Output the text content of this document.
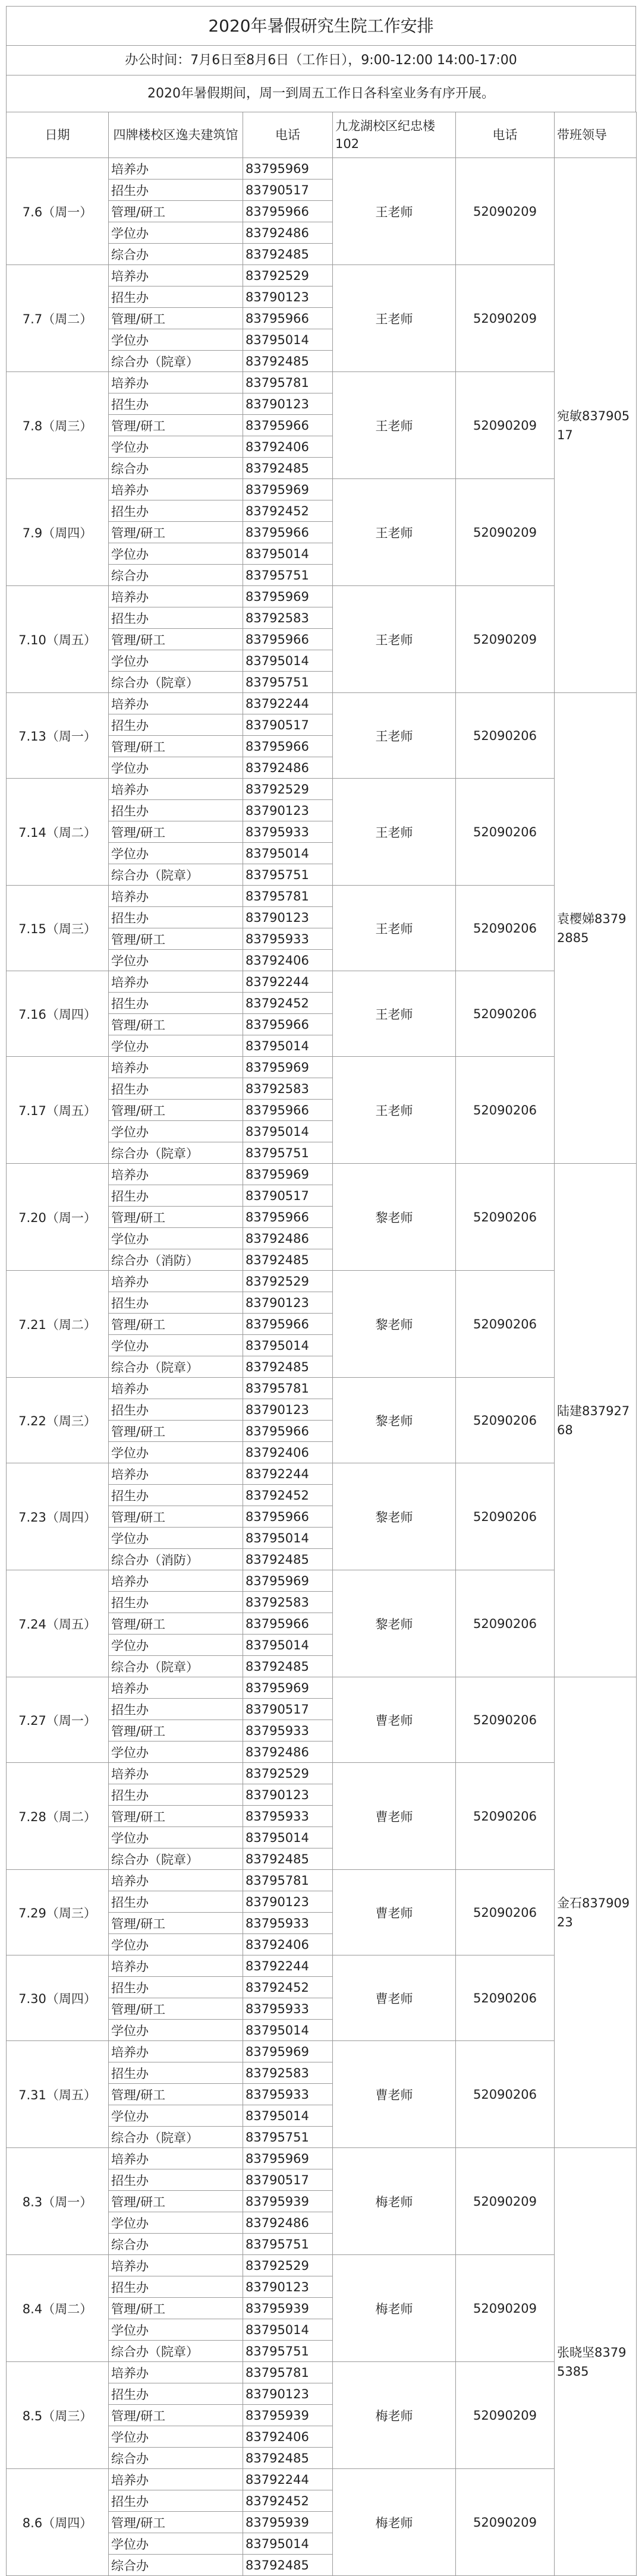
2020年暑假研究生院工作安排
办公时间：7月6日至8月6日（工作日），9:00-12:00 14:00-17:00
2020年暑假期间，周一到周五工作日各科室业务有序开展。
日期	四牌楼校区逸夫建筑馆	电话	九龙湖校区纪忠楼 102	电话	带班领导
7.6（周一）	培养办	83795969	王老师	52090209	宛敏83790517
	招生办	83790517			
	管理/研工	83795966			
	学位办	83792486			
	综合办	83792485			
7.7（周二）	培养办	83792529	王老师	52090209	
	招生办	83790123			
	管理/研工	83795966			
	学位办	83795014			
	综合办（院章）	83792485			
7.8（周三）	培养办	83795781	王老师	52090209	
	招生办	83790123			
	管理/研工	83795966			
	学位办	83792406			
	综合办	83792485			
7.9（周四）	培养办	83795969	王老师	52090209	
	招生办	83792452			
	管理/研工	83795966			
	学位办	83795014			
	综合办	83795751			
7.10（周五）	培养办	83795969	王老师	52090209	
	招生办	83792583			
	管理/研工	83795966			
	学位办	83795014			
	综合办（院章）	83795751			
7.13（周一）	培养办	83792244	王老师	52090206	袁樱娣83792885
	招生办	83790517			
	管理/研工	83795966			
	学位办	83792486			
7.14（周二）	培养办	83792529	王老师	52090206	
	招生办	83790123			
	管理/研工	83795933			
	学位办	83795014			
	综合办（院章）	83795751			
7.15（周三）	培养办	83795781	王老师	52090206	
	招生办	83790123			
	管理/研工	83795933			
	学位办	83792406			
7.16（周四）	培养办	83792244	王老师	52090206	
	招生办	83792452			
	管理/研工	83795966			
	学位办	83795014			
7.17（周五）	培养办	83795969	王老师	52090206	
	招生办	83792583			
	管理/研工	83795966			
	学位办	83795014			
	综合办（院章）	83795751			
7.20（周一）	培养办	83795969	黎老师	52090206	陆建83792768
	招生办	83790517			
	管理/研工	83795966			
	学位办	83792486			
	综合办（消防）	83792485			
7.21（周二）	培养办	83792529	黎老师	52090206	
	招生办	83790123			
	管理/研工	83795966			
	学位办	83795014			
	综合办（院章）	83792485			
7.22（周三）	培养办	83795781	黎老师	52090206	
	招生办	83790123			
	管理/研工	83795966			
	学位办	83792406			
7.23（周四）	培养办	83792244	黎老师	52090206	
	招生办	83792452			
	管理/研工	83795966			
	学位办	83795014			
	综合办（消防）	83792485			
7.24（周五）	培养办	83795969	黎老师	52090206	
	招生办	83792583			
	管理/研工	83795966			
	学位办	83795014			
	综合办（院章）	83792485			
7.27（周一）	培养办	83795969	曹老师	52090206	金石83790923
	招生办	83790517			
	管理/研工	83795933			
	学位办	83792486			
7.28（周二）	培养办	83792529	曹老师	52090206	
	招生办	83790123			
	管理/研工	83795933			
	学位办	83795014			
	综合办（院章）	83792485			
7.29（周三）	培养办	83795781	曹老师	52090206	
	招生办	83790123			
	管理/研工	83795933			
	学位办	83792406			
7.30（周四）	培养办	83792244	曹老师	52090206	
	招生办	83792452			
	管理/研工	83795933			
	学位办	83795014			
7.31（周五）	培养办	83795969	曹老师	52090206	
	招生办	83792583			
	管理/研工	83795933			
	学位办	83795014			
	综合办（院章）	83795751			
8.3（周一）	培养办	83795969	梅老师	52090209	张晓坚83795385
	招生办	83790517			
	管理/研工	83795939			
	学位办	83792486			
	综合办	83795751			
8.4（周二）	培养办	83792529	梅老师	52090209	
	招生办	83790123			
	管理/研工	83795939			
	学位办	83795014			
	综合办（院章）	83795751			
8.5（周三）	培养办	83795781	梅老师	52090209	
	招生办	83790123			
	管理/研工	83795939			
	学位办	83792406			
	综合办	83792485			
8.6（周四）	培养办	83792244	梅老师	52090209	
	招生办	83792452			
	管理/研工	83795939			
	学位办	83795014			
	综合办	83792485			
